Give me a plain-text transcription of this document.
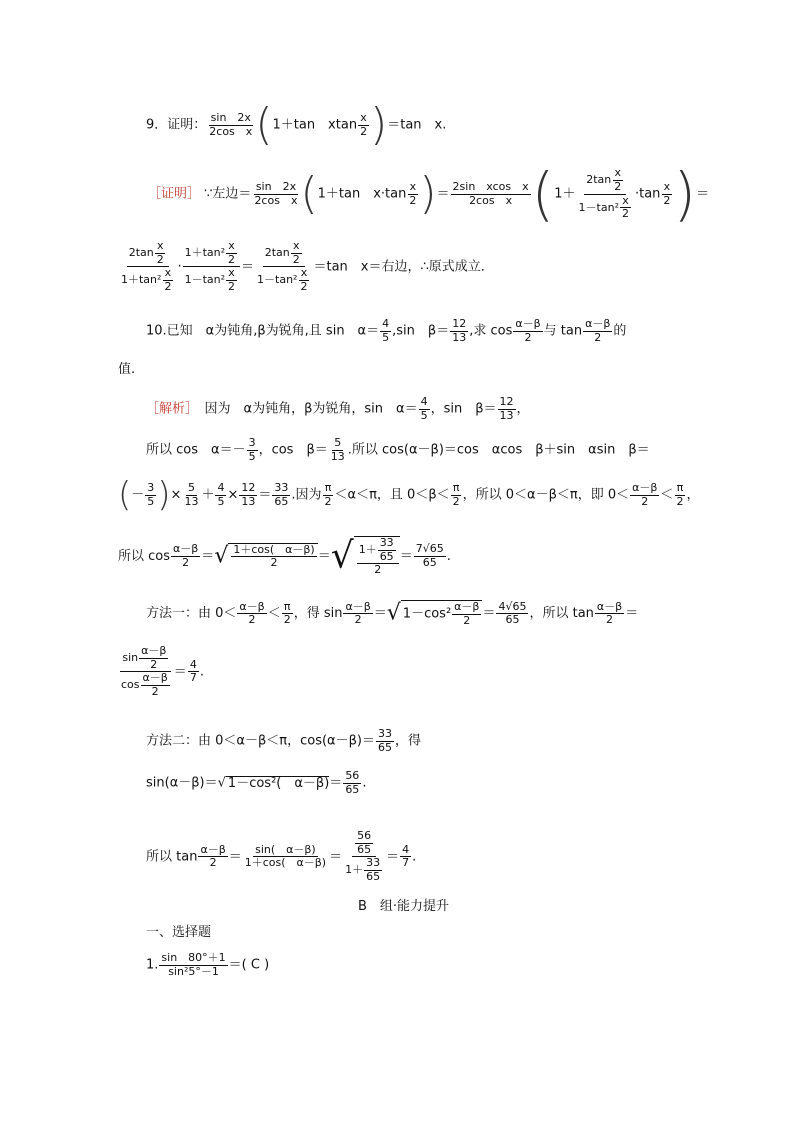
9．证明： $\frac{\sin 2x}{\text{2cos　x}} (1+\tan$　xtan $\frac{x}{2} )=\tan$　x.
［证明］ ∵左边＝ $\frac{\sin 2x}{\text{2cos　x}} (1+\tan$　$x\cdot\tan \frac{x}{2}$ )＝ $\frac{\text{2sin　xcos　x}}{\text{2cos　x}} (1+ \frac{2\tan \frac{x}{2}}{1-\tan^2 \frac{x}{2}} \cdot\tan \frac{x}{2}$ )＝
$\frac{2\tan \frac{x}{2}}{1+\tan^2 \frac{x}{2}} \cdot \frac{1+\tan^2 \frac{x}{2}}{1-\tan^2 \frac{x}{2}} = \frac{2\tan \frac{x}{2}}{1-\tan^2 \frac{x}{2}} =\tan$　x＝右边，∴原式成立．
10.已知　α为钝角,β为锐角,且 sin　$\alpha= \frac{4}{5} ,\sin$　$\beta= \frac{12}{13}$ ,求 $\cos \frac{\alpha-\beta}{2}$ 与 $\tan \frac{\alpha-\beta}{2}$ 的
值.
［解析］　因为　α为钝角，β为锐角，sin　$\alpha= \frac{4}{5}$ ，sin　$\beta= \frac{12}{13}$ ，
所以 cos　$\alpha=- \frac{3}{5}$ ，cos　$\beta= \frac{5}{13}$ .所以 cos(α－β)＝cos　αcos　β＋sin　αsin　β＝
(－ $\frac{3}{5}$ )× $\frac{5}{13} + \frac{4}{5} \times \frac{12}{13} = \frac{33}{65}$ .因为 $\frac{\pi}{2} <\alpha<\pi$，且 $0<\beta< \frac{\pi}{2}$ ，所以 0＜α－β＜π，即 $0< \frac{\alpha-\beta}{2} < \frac{\pi}{2}$ ，
所以 $\cos \frac{\alpha-\beta}{2}$ ＝√ $\frac{1+\cos( \alpha-\beta)}{2}$ ＝√ $\frac{1+ \frac{33}{65}}{2} = \frac{7√65}{65}$ .
方法一：由 $0< \frac{\alpha-\beta}{2} < \frac{\pi}{2}$ ，得 $\sin \frac{\alpha-\beta}{2}$ ＝√ $1-\cos^2 \frac{\alpha-\beta}{2} = \frac{4√65}{65}$ ，所以 $\tan \frac{\alpha-\beta}{2}$ ＝
$\frac{\sin \frac{\alpha-\beta}{2}}{\cos \frac{\alpha-\beta}{2}} = \frac{4}{7}$ .
方法二：由 0＜α－β＜π，$\cos(\alpha-\beta)= \frac{33}{65}$ ，得
sin(α－β)＝√ 1－cos²(　$\alpha-\beta)= \frac{56}{65}$ .
所以 $\tan \frac{\alpha-\beta}{2} = \frac{\sin( \alpha-\beta)}{1+\cos( \alpha-\beta)} = \frac{\frac{56}{65}}{1+ \frac{33}{65}} = \frac{4}{7}$ .
B　组·能力提升
一、选择题
1. $\frac{\sin 80^\circ+1}{\text{sin²5°－1}}$ ＝( C )
